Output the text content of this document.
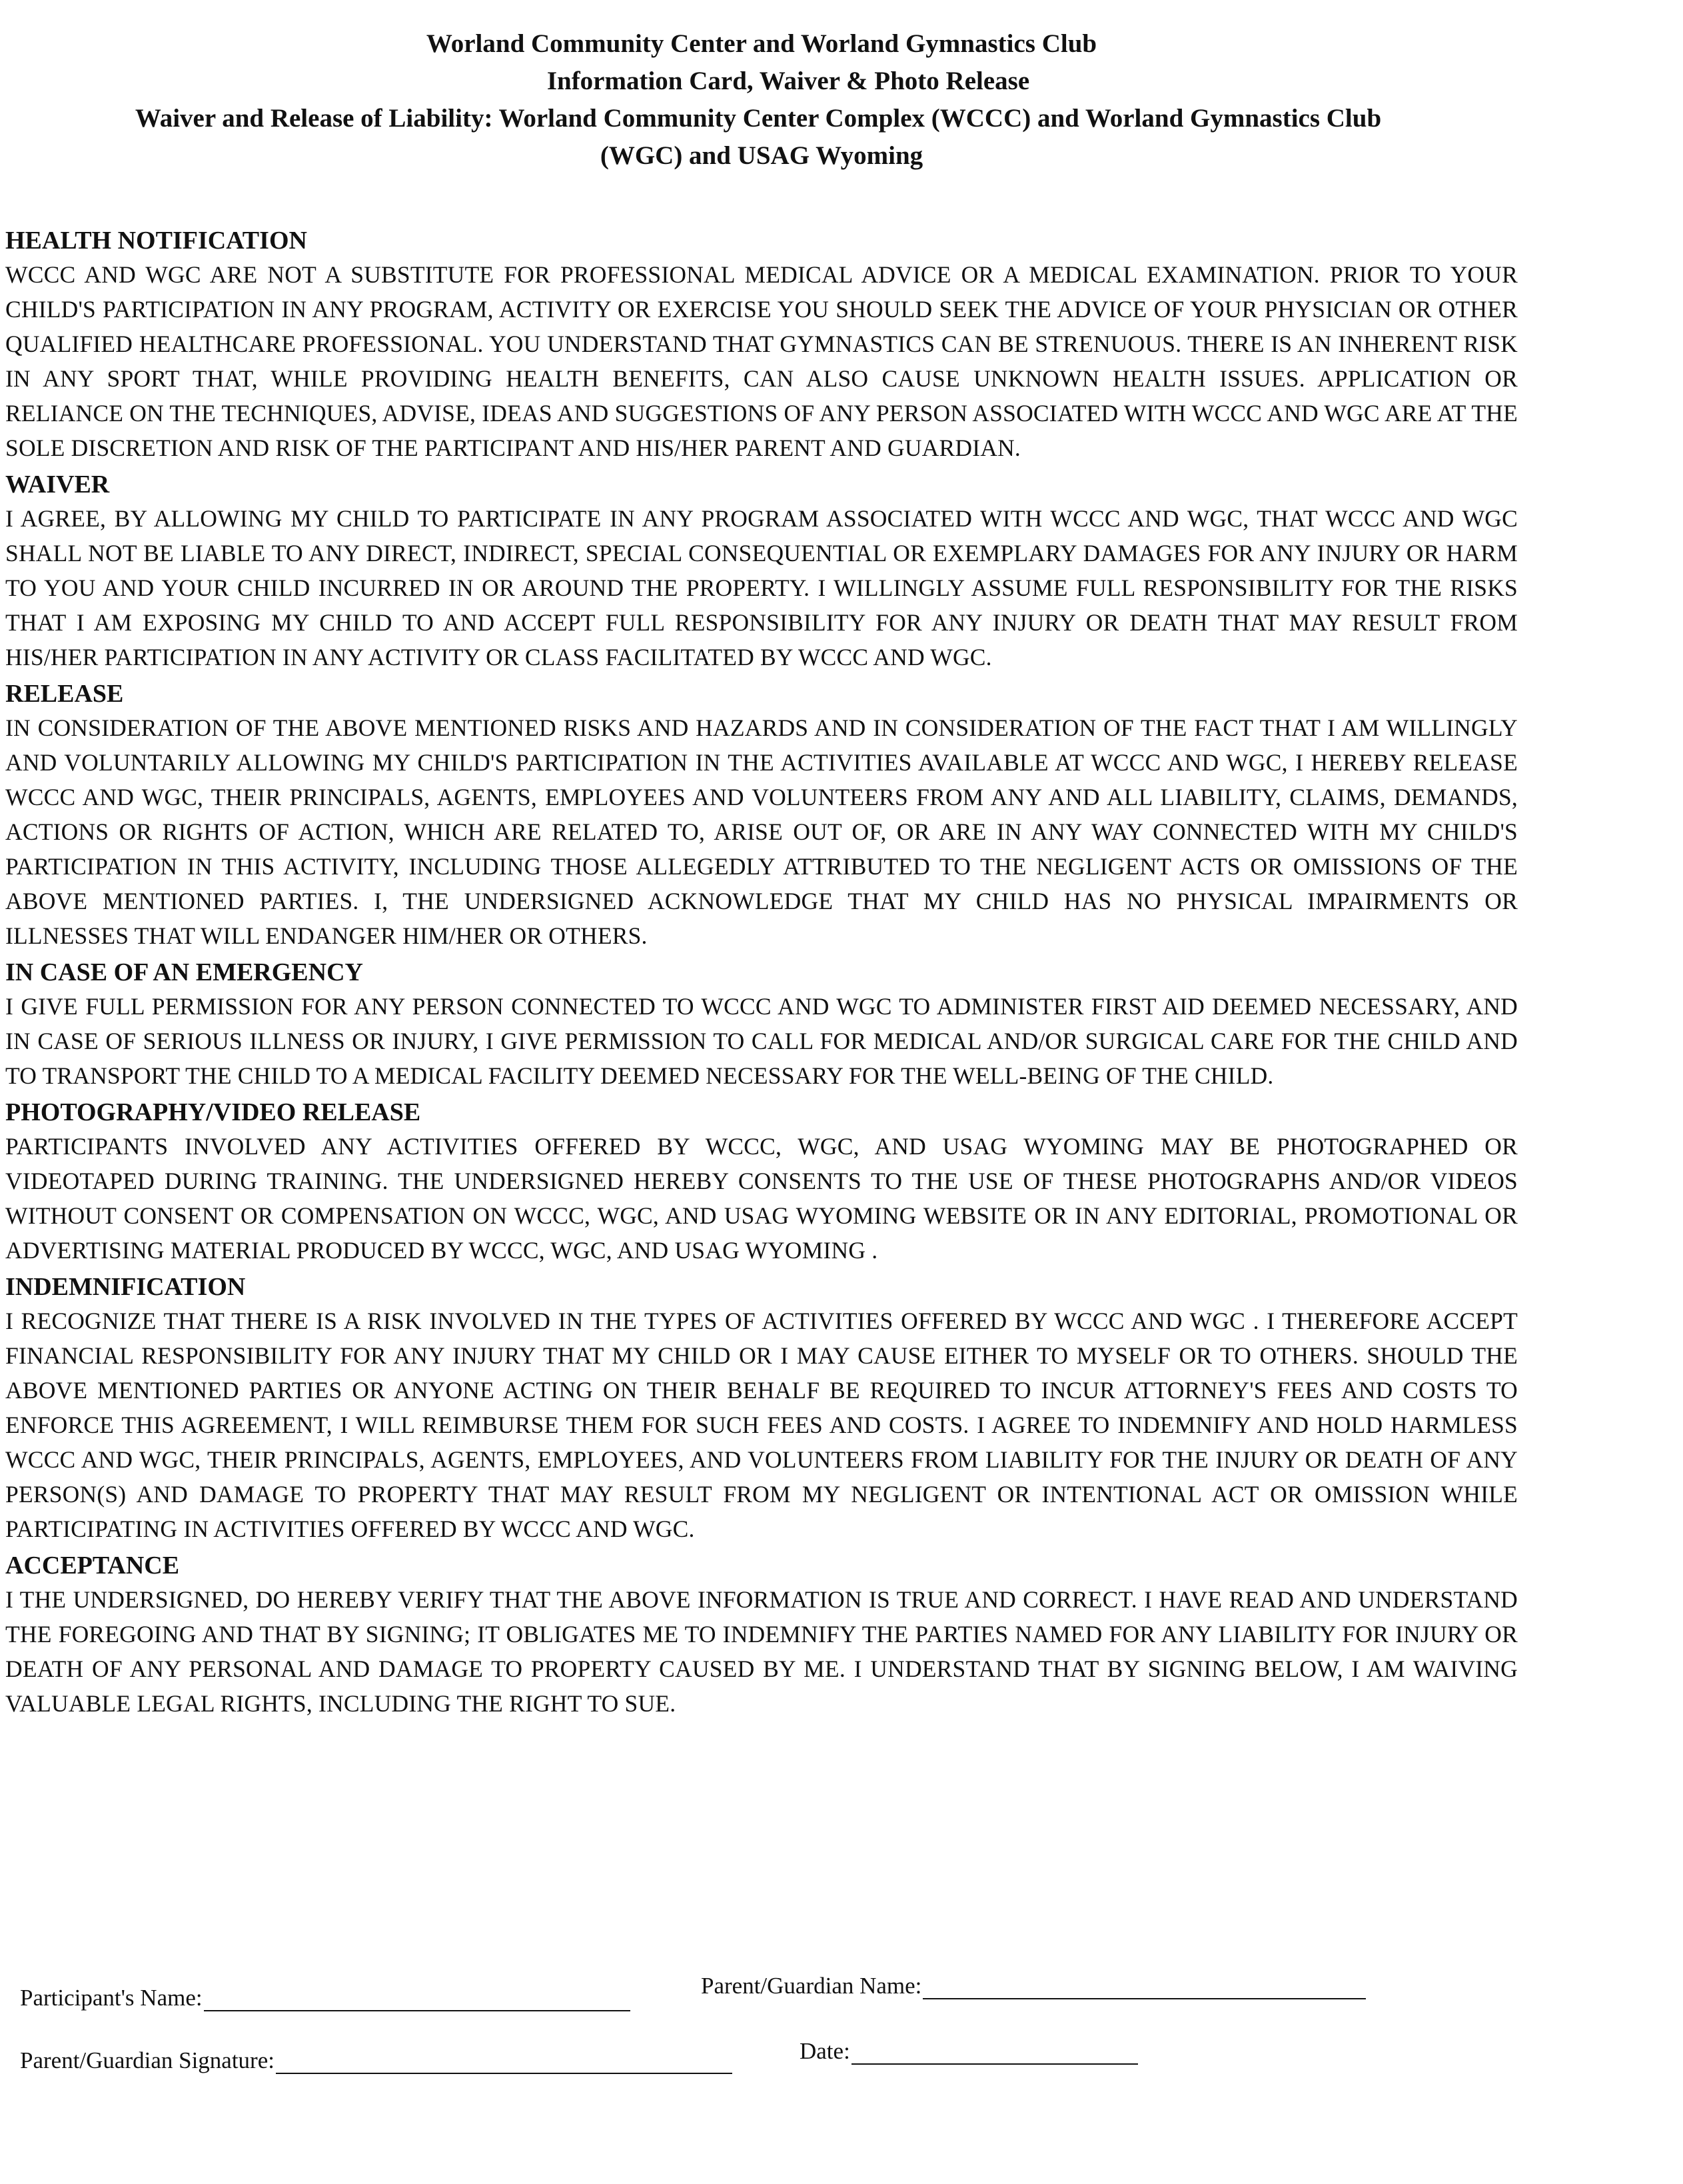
Worland Community Center and Worland Gymnastics Club
Information Card, Waiver & Photo Release
Waiver and Release of Liability: Worland Community Center Complex (WCCC) and Worland Gymnastics Club
(WGC) and USAG Wyoming
HEALTH NOTIFICATION
WCCC AND WGC ARE NOT A SUBSTITUTE FOR PROFESSIONAL MEDICAL ADVICE OR A MEDICAL EXAMINATION. PRIOR TO YOUR CHILD'S PARTICIPATION IN ANY PROGRAM, ACTIVITY OR EXERCISE YOU SHOULD SEEK THE ADVICE OF YOUR PHYSICIAN OR OTHER QUALIFIED HEALTHCARE PROFESSIONAL. YOU UNDERSTAND THAT GYMNASTICS CAN BE STRENUOUS. THERE IS AN INHERENT RISK IN ANY SPORT THAT, WHILE PROVIDING HEALTH BENEFITS, CAN ALSO CAUSE UNKNOWN HEALTH ISSUES. APPLICATION OR RELIANCE ON THE TECHNIQUES, ADVISE, IDEAS AND SUGGESTIONS OF ANY PERSON ASSOCIATED WITH WCCC AND WGC ARE AT THE SOLE DISCRETION AND RISK OF THE PARTICIPANT AND HIS/HER PARENT AND GUARDIAN.
WAIVER
I AGREE, BY ALLOWING MY CHILD TO PARTICIPATE IN ANY PROGRAM ASSOCIATED WITH WCCC AND WGC, THAT WCCC AND WGC SHALL NOT BE LIABLE TO ANY DIRECT, INDIRECT, SPECIAL CONSEQUENTIAL OR EXEMPLARY DAMAGES FOR ANY INJURY OR HARM TO YOU AND YOUR CHILD INCURRED IN OR AROUND THE PROPERTY. I WILLINGLY ASSUME FULL RESPONSIBILITY FOR THE RISKS THAT I AM EXPOSING MY CHILD TO AND ACCEPT FULL RESPONSIBILITY FOR ANY INJURY OR DEATH THAT MAY RESULT FROM HIS/HER PARTICIPATION IN ANY ACTIVITY OR CLASS FACILITATED BY WCCC AND WGC.
RELEASE
IN CONSIDERATION OF THE ABOVE MENTIONED RISKS AND HAZARDS AND IN CONSIDERATION OF THE FACT THAT I AM WILLINGLY AND VOLUNTARILY ALLOWING MY CHILD'S PARTICIPATION IN THE ACTIVITIES AVAILABLE AT WCCC AND WGC, I HEREBY RELEASE WCCC AND WGC, THEIR PRINCIPALS, AGENTS, EMPLOYEES AND VOLUNTEERS FROM ANY AND ALL LIABILITY, CLAIMS, DEMANDS, ACTIONS OR RIGHTS OF ACTION, WHICH ARE RELATED TO, ARISE OUT OF, OR ARE IN ANY WAY CONNECTED WITH MY CHILD'S PARTICIPATION IN THIS ACTIVITY, INCLUDING THOSE ALLEGEDLY ATTRIBUTED TO THE NEGLIGENT ACTS OR OMISSIONS OF THE ABOVE MENTIONED PARTIES. I, THE UNDERSIGNED ACKNOWLEDGE THAT MY CHILD HAS NO PHYSICAL IMPAIRMENTS OR ILLNESSES THAT WILL ENDANGER HIM/HER OR OTHERS.
IN CASE OF AN EMERGENCY
I GIVE FULL PERMISSION FOR ANY PERSON CONNECTED TO WCCC AND WGC TO ADMINISTER FIRST AID DEEMED NECESSARY, AND IN CASE OF SERIOUS ILLNESS OR INJURY, I GIVE PERMISSION TO CALL FOR MEDICAL AND/OR SURGICAL CARE FOR THE CHILD AND TO TRANSPORT THE CHILD TO A MEDICAL FACILITY DEEMED NECESSARY FOR THE WELL-BEING OF THE CHILD.
PHOTOGRAPHY/VIDEO RELEASE
PARTICIPANTS INVOLVED ANY ACTIVITIES OFFERED BY WCCC, WGC, AND USAG WYOMING MAY BE PHOTOGRAPHED OR VIDEOTAPED DURING TRAINING. THE UNDERSIGNED HEREBY CONSENTS TO THE USE OF THESE PHOTOGRAPHS AND/OR VIDEOS WITHOUT CONSENT OR COMPENSATION ON WCCC, WGC, AND USAG WYOMING WEBSITE OR IN ANY EDITORIAL, PROMOTIONAL OR ADVERTISING MATERIAL PRODUCED BY WCCC, WGC, AND USAG WYOMING .
INDEMNIFICATION
I RECOGNIZE THAT THERE IS A RISK INVOLVED IN THE TYPES OF ACTIVITIES OFFERED BY WCCC AND WGC . I THEREFORE ACCEPT FINANCIAL RESPONSIBILITY FOR ANY INJURY THAT MY CHILD OR I MAY CAUSE EITHER TO MYSELF OR TO OTHERS. SHOULD THE ABOVE MENTIONED PARTIES OR ANYONE ACTING ON THEIR BEHALF BE REQUIRED TO INCUR ATTORNEY'S FEES AND COSTS TO ENFORCE THIS AGREEMENT, I WILL REIMBURSE THEM FOR SUCH FEES AND COSTS. I AGREE TO INDEMNIFY AND HOLD HARMLESS WCCC AND WGC, THEIR PRINCIPALS, AGENTS, EMPLOYEES, AND VOLUNTEERS FROM LIABILITY FOR THE INJURY OR DEATH OF ANY PERSON(S) AND DAMAGE TO PROPERTY THAT MAY RESULT FROM MY NEGLIGENT OR INTENTIONAL ACT OR OMISSION WHILE PARTICIPATING IN ACTIVITIES OFFERED BY WCCC AND WGC.
ACCEPTANCE
I THE UNDERSIGNED, DO HEREBY VERIFY THAT THE ABOVE INFORMATION IS TRUE AND CORRECT. I HAVE READ AND UNDERSTAND THE FOREGOING AND THAT BY SIGNING; IT OBLIGATES ME TO INDEMNIFY THE PARTIES NAMED FOR ANY LIABILITY FOR INJURY OR DEATH OF ANY PERSONAL AND DAMAGE TO PROPERTY CAUSED BY ME. I UNDERSTAND THAT BY SIGNING BELOW, I AM WAIVING VALUABLE LEGAL RIGHTS, INCLUDING THE RIGHT TO SUE.
Participant's Name:	Parent/Guardian Name:
Parent/Guardian Signature:	Date:
